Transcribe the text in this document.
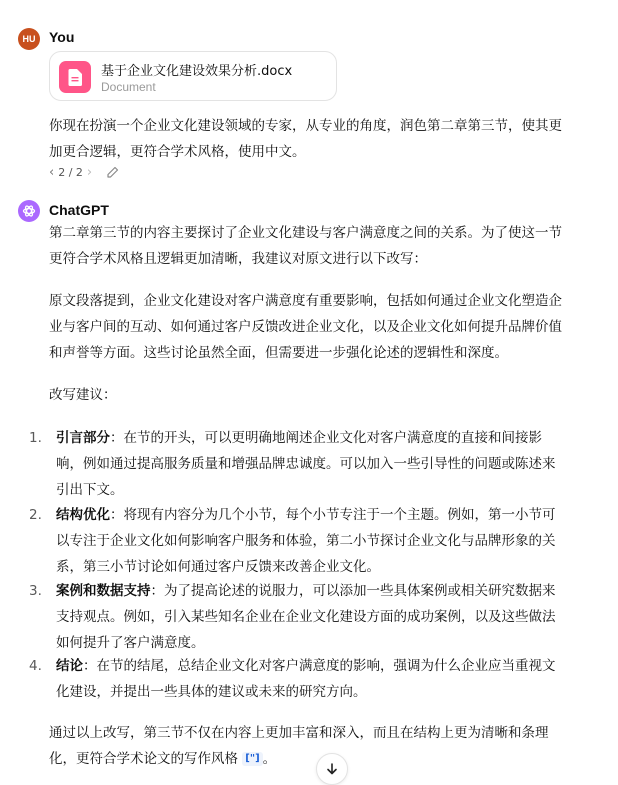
HU You
基于企业文化建设效果分析.docx
Document
你现在扮演一个企业文化建设领域的专家，从专业的角度，润色第二章第三节，使其更
加更合逻辑，更符合学术风格，使用中文。
‹ 2 / 2 ›
ChatGPT
第二章第三节的内容主要探讨了企业文化建设与客户满意度之间的关系。为了使这一节
更符合学术风格且逻辑更加清晰，我建议对原文进行以下改写：
原文段落提到，企业文化建设对客户满意度有重要影响，包括如何通过企业文化塑造企
业与客户间的互动、如何通过客户反馈改进企业文化，以及企业文化如何提升品牌价值
和声誉等方面。这些讨论虽然全面，但需要进一步强化论述的逻辑性和深度。
改写建议：
1. 引言部分：在节的开头，可以更明确地阐述企业文化对客户满意度的直接和间接影
响，例如通过提高服务质量和增强品牌忠诚度。可以加入一些引导性的问题或陈述来
引出下文。
2. 结构优化：将现有内容分为几个小节，每个小节专注于一个主题。例如，第一小节可
以专注于企业文化如何影响客户服务和体验，第二小节探讨企业文化与品牌形象的关
系，第三小节讨论如何通过客户反馈来改善企业文化。
3. 案例和数据支持：为了提高论述的说服力，可以添加一些具体案例或相关研究数据来
支持观点。例如，引入某些知名企业在企业文化建设方面的成功案例，以及这些做法
如何提升了客户满意度。
4. 结论：在节的结尾，总结企业文化对客户满意度的影响，强调为什么企业应当重视文
化建设，并提出一些具体的建议或未来的研究方向。
通过以上改写，第三节不仅在内容上更加丰富和深入，而且在结构上更为清晰和条理
化，更符合学术论文的写作风格 ["] 。
